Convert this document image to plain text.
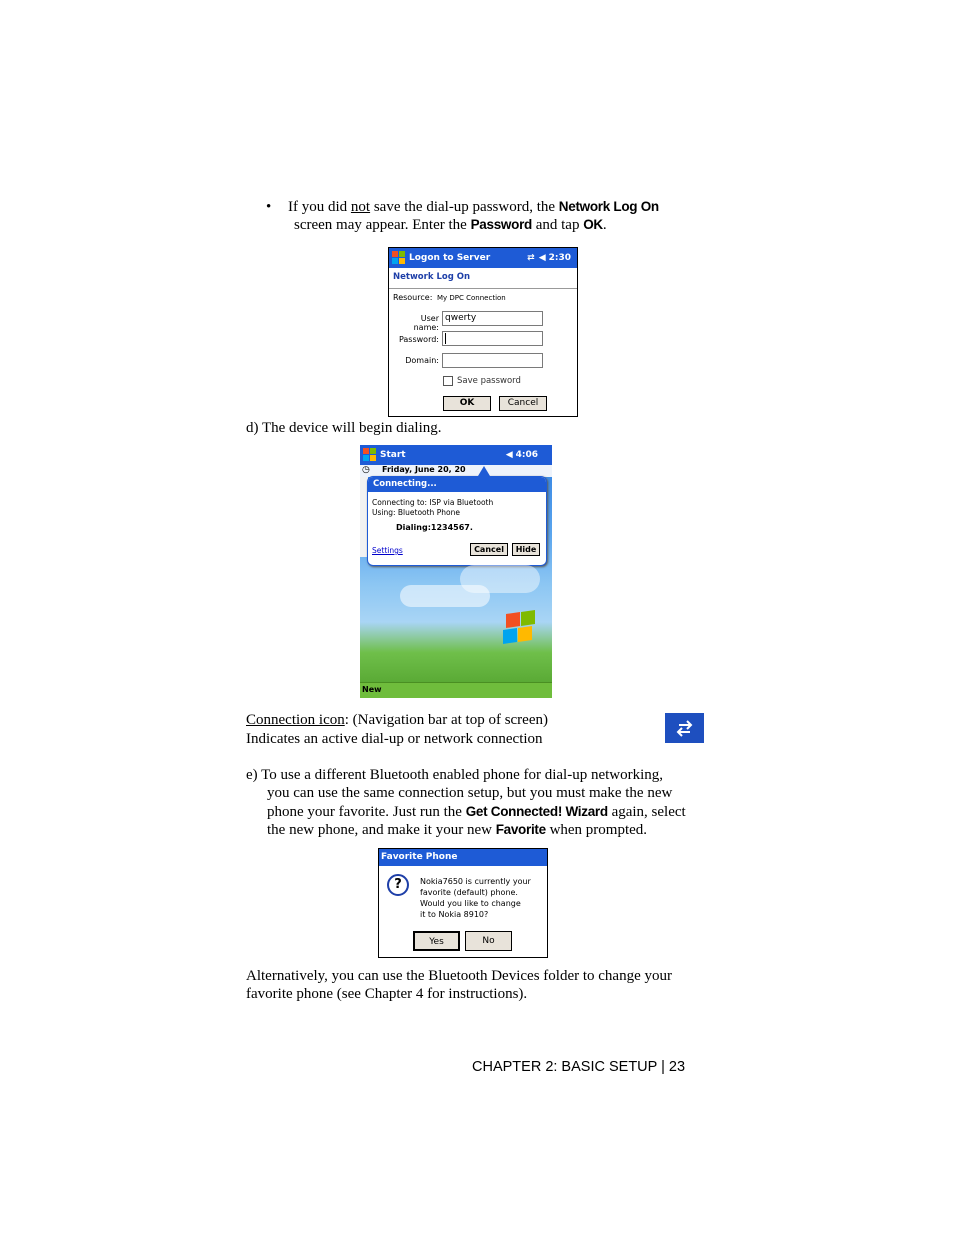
• If you did not save the dial-up password, the Network Log On
screen may appear. Enter the Password and tap OK.
Logon to Server	⇄ ◀ 2:30
Network Log On
Resource: My DPC Connection
User name:
qwerty
Password:
Domain:
Save password
OK	Cancel
d) The device will begin dialing.
Start	◀ 4:06
◷ Friday, June 20, 20
Connecting...
Connecting to: ISP via Bluetooth
Using: Bluetooth Phone
Dialing:1234567.
Settings	Cancel	Hide
New
Connection icon: (Navigation bar at top of screen)
Indicates an active dial-up or network connection
e) To use a different Bluetooth enabled phone for dial-up networking,
you can use the same connection setup, but you must make the new
phone your favorite. Just run the Get Connected! Wizard again, select
the new phone, and make it your new Favorite when prompted.
Favorite Phone
?	Nokia7650 is currently your
favorite (default) phone.
Would you like to change
it to Nokia 8910?
Yes	No
Alternatively, you can use the Bluetooth Devices folder to change your
favorite phone (see Chapter 4 for instructions).
CHAPTER 2: BASIC SETUP | 23
